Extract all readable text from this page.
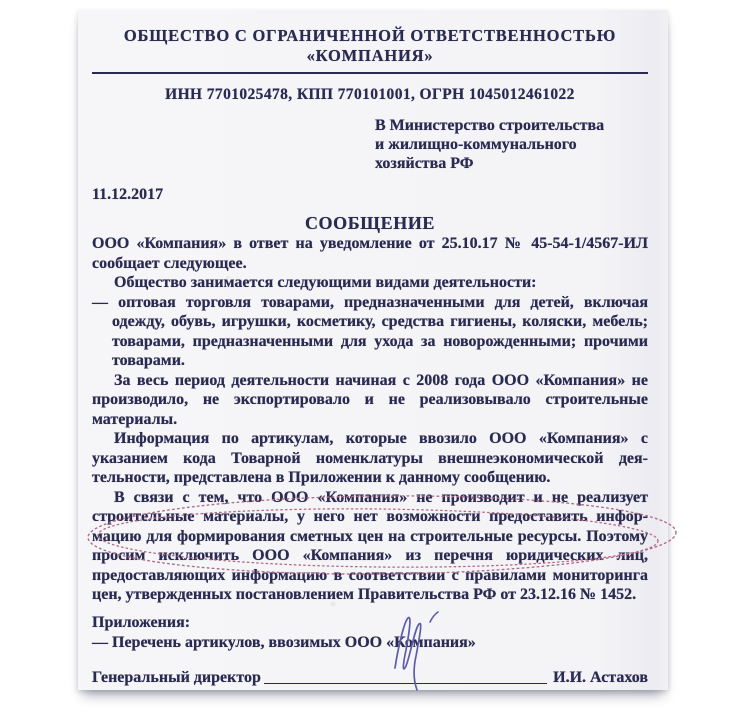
ОБЩЕСТВО С ОГРАНИЧЕННОЙ ОТВЕТСТВЕННОСТЬЮ «КОМПАНИЯ»
ИНН 7701025478, КПП 770101001, ОГРН 1045012461022
В Министерство строительства
и жилищно-коммунального
хозяйства РФ
11.12.2017
СООБЩЕНИЕ

ООО «Компания» в ответ на уведомление от 25.10.17 № 45-54-1/4567-ИЛ сообщает следующее.

Общество занимается следующими видами деятельности:

— оптовая торговля товарами, предназначенными для детей, включая одежду, обувь, игрушки, косметику, средства гигиены, коляски, мебель; товарами, предназначенными для ухода за новорожденными; прочими товарами.

За весь период деятельности начиная с 2008 года ООО «Компания» не производило, не экспортировало и не реализовывало строительные материалы.

Информация по артикулам, которые ввозило ООО «Компания» с указанием кода Товарной номенклатуры внешнеэкономической деятельности, представлена в Приложении к данному сообщению.

В связи с тем, что ООО «Компания» не производит и не реализует строительные материалы, у него нет возможности предоставить информацию для формирования сметных цен на строительные ресурсы. Поэтому просим исключить ООО «Компания» из перечня юридических лиц, предоставляющих информацию в соответствии с правилами мониторинга цен, утвержденных постановлением Правительства РФ от 23.12.16 № 1452.

Приложения:
— Перечень артикулов, ввозимых ООО «Компания»
Генеральный директор	И.И. Астахов
